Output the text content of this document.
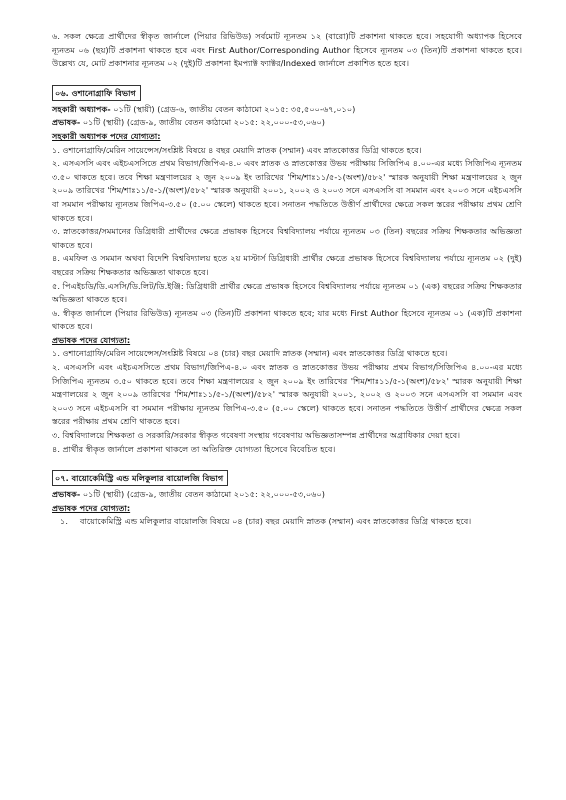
৬. সকল ক্ষেত্রে প্রার্থীদের স্বীকৃত জার্নালে (পিয়ার রিভিউড) সর্বমোট ন্যূনতম ১২ (বারো)টি প্রকাশনা থাকতে হবে। সহযোগী অধ্যাপক হিসেবে ন্যূনতম ০৬ (ছয়)টি প্রকাশনা থাকতে হবে এবং First Author/Corresponding Author হিসেবে ন্যূনতম ০৩ (তিন)টি প্রকাশনা থাকতে হবে। উল্লেখ্য যে, মোট প্রকাশনার ন্যূনতম ০২ (দুই)টি প্রকাশনা ইমপ্যাক্ট ফ্যাক্টর/Indexed জার্নালে প্রকাশিত হতে হবে।

০৬. ওশানোগ্রাফি বিভাগ

সহকারী অধ্যাপক- ০১টি (স্থায়ী) (গ্রেড-৬, জাতীয় বেতন কাঠামো ২০১৫: ৩৫,৫০০-৬৭,০১০)

প্রভাষক- ০১টি (স্থায়ী) (গ্রেড-৯, জাতীয় বেতন কাঠামো ২০১৫: ২২,০০০-৫৩,০৬০)

সহকারী অধ্যাপক পদের যোগ্যতা:

১. ওশানোগ্রাফি/মেরিন সায়েন্সেস/সংশ্লিষ্ট বিষয়ে ৪ বছর মেয়াদি স্নাতক (সম্মান) এবং স্নাতকোত্তর ডিগ্রি থাকতে হবে।

২. এসএসসি এবং এইচএসসিতে প্রথম বিভাগ/জিপিএ-৪.০ এবং স্নাতক ও স্নাতকোত্তর উভয় পরীক্ষায় সিজিপিএ ৪.০০-এর মধ্যে সিজিপিএ ন্যূনতম ৩.৫০ থাকতে হবে। তবে শিক্ষা মন্ত্রণালয়ের ২ জুন ২০০৯ ইং তারিখের 'শিম/শাঃ১১/৫-১(অংশ)/৫৮২' স্মারক অনুযায়ী শিক্ষা মন্ত্রণালয়ের ২ জুন ২০০৯ তারিখের 'শিম/শাঃ১১/৫-১/(অংশ)/৫৮২' স্মারক অনুযায়ী ২০০১, ২০০২ ও ২০০৩ সনে এসএসসি বা সমমান এবং ২০০৩ সনে এইচএসসি বা সমমান পরীক্ষায় ন্যূনতম জিপিএ-৩.৫০ (৫.০০ স্কেলে) থাকতে হবে। সনাতন পদ্ধতিতে উত্তীর্ণ প্রার্থীদের ক্ষেত্রে সকল স্তরের পরীক্ষায় প্রথম শ্রেণি থাকতে হবে।

৩. স্নাতকোত্তর/সমমানের ডিগ্রিধারী প্রার্থীদের ক্ষেত্রে প্রভাষক হিসেবে বিশ্ববিদ্যালয় পর্যায়ে ন্যূনতম ০৩ (তিন) বছরের সক্রিয় শিক্ষকতার অভিজ্ঞতা থাকতে হবে।

৪. এমফিল ও সমমান অথবা বিদেশি বিশ্ববিদ্যালয় হতে ২য় মাস্টার্স ডিগ্রিধারী প্রার্থীর ক্ষেত্রে প্রভাষক হিসেবে বিশ্ববিদ্যালয় পর্যায়ে ন্যূনতম ০২ (দুই) বছরের সক্রিয় শিক্ষকতার অভিজ্ঞতা থাকতে হবে।

৫. পিএইচডি/ডি.এসসি/ডি.লিট/ডি.ইঞ্জি: ডিগ্রিধারী প্রার্থীর ক্ষেত্রে প্রভাষক হিসেবে বিশ্ববিদ্যালয় পর্যায়ে ন্যূনতম ০১ (এক) বছরের সক্রিয় শিক্ষকতার অভিজ্ঞতা থাকতে হবে।

৬. স্বীকৃত জার্নালে (পিয়ার রিভিউড) ন্যূনতম ০৩ (তিন)টি প্রকাশনা থাকতে হবে; যার মধ্যে First Author হিসেবে ন্যূনতম ০১ (এক)টি প্রকাশনা থাকতে হবে।

প্রভাষক পদের যোগ্যতা:

১. ওশানোগ্রাফি/মেরিন সায়েন্সেস/সংশ্লিষ্ট বিষয়ে ০৪ (চার) বছর মেয়াদি স্নাতক (সম্মান) এবং স্নাতকোত্তর ডিগ্রি থাকতে হবে।

২. এসএসসি এবং এইচএসসিতে প্রথম বিভাগ/জিপিএ-৪.০ এবং স্নাতক ও স্নাতকোত্তর উভয় পরীক্ষায় প্রথম বিভাগ/সিজিপিএ ৪.০০-এর মধ্যে সিজিপিএ ন্যূনতম ৩.৫০ থাকতে হবে। তবে শিক্ষা মন্ত্রণালয়ের ২ জুন ২০০৯ ইং তারিখের 'শিম/শাঃ১১/৫-১(অংশ)/৫৮২' স্মারক অনুযায়ী শিক্ষা মন্ত্রণালয়ের ২ জুন ২০০৯ তারিখের 'শিম/শাঃ১১/৫-১/(অংশ)/৫৮২' স্মারক অনুযায়ী ২০০১, ২০০২ ও ২০০৩ সনে এসএসসি বা সমমান এবং ২০০৩ সনে এইচএসসি বা সমমান পরীক্ষায় ন্যূনতম জিপিএ-৩.৫০ (৫.০০ স্কেলে) থাকতে হবে। সনাতন পদ্ধতিতে উত্তীর্ণ প্রার্থীদের ক্ষেত্রে সকল স্তরের পরীক্ষায় প্রথম শ্রেণি থাকতে হবে।

৩. বিশ্ববিদ্যালয়ে শিক্ষকতা ও সরকারি/সরকার স্বীকৃত গবেষণা সংস্থায় গবেষণায় অভিজ্ঞতাসম্পন্ন প্রার্থীদের অগ্রাধিকার দেয়া হবে।

৪. প্রার্থীর স্বীকৃত জার্নালে প্রকাশনা থাকলে তা অতিরিক্ত যোগ্যতা হিসেবে বিবেচিত হবে।

০৭. বায়োকেমিস্ট্রি এন্ড মলিকুলার বায়োলজি বিভাগ

প্রভাষক- ০১টি (স্থায়ী) (গ্রেড-৯, জাতীয় বেতন কাঠামো ২০১৫: ২২,০০০-৫৩,০৬০)

প্রভাষক পদের যোগ্যতা:

১.	বায়োকেমিস্ট্রি এন্ড মলিকুলার বায়োলজি বিষয়ে ০৪ (চার) বছর মেয়াদি স্নাতক (সম্মান) এবং স্নাতকোত্তর ডিগ্রি থাকতে হবে।
